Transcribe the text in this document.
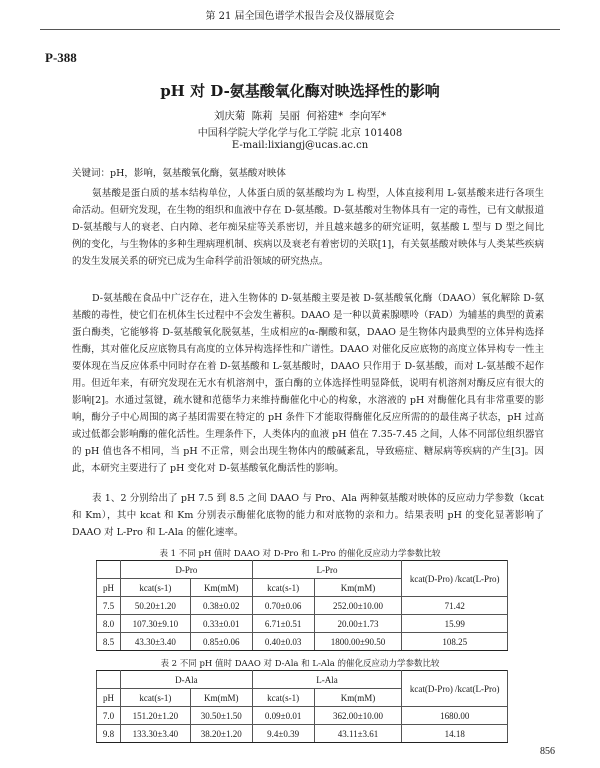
第 21 届全国色谱学术报告会及仪器展览会
P-388
pH 对 D-氨基酸氧化酶对映选择性的影响
刘庆菊 陈莉 吴丽 何裕建* 李向军*
中国科学院大学化学与化工学院 北京 101408
E-mail:lixiangj@ucas.ac.cn
关键词：pH，影响，氨基酸氧化酶，氨基酸对映体

氨基酸是蛋白质的基本结构单位，人体蛋白质的氨基酸均为 L 构型，人体直接利用 L-氨基酸来进行各项生命活动。但研究发现，在生物的组织和血液中存在 D-氨基酸。D-氨基酸对生物体具有一定的毒性，已有文献报道 D-氨基酸与人的衰老、白内障、老年痴呆症等关系密切，并且越来越多的研究证明，氨基酸 L 型与 D 型之间比例的变化，与生物体的多种生理病理机制、疾病以及衰老有着密切的关联[1]，有关氨基酸对映体与人类某些疾病的发生发展关系的研究已成为生命科学前沿领域的研究热点。

D-氨基酸在食品中广泛存在，进入生物体的 D-氨基酸主要是被 D-氨基酸氧化酶（DAAO）氧化解除 D-氨基酸的毒性，使它们在机体生长过程中不会发生蓄积。DAAO 是一种以黄素腺嘌呤（FAD）为辅基的典型的黄素蛋白酶类，它能够将 D-氨基酸氧化脱氨基，生成相应的α-酮酸和氨，DAAO 是生物体内最典型的立体异构选择性酶，其对催化反应底物具有高度的立体异构选择性和广谱性。DAAO 对催化反应底物的高度立体异构专一性主要体现在当反应体系中同时存在着 D-氨基酸和 L-氨基酸时，DAAO 只作用于 D-氨基酸，而对 L-氨基酸不起作用。但近年来，有研究发现在无水有机溶剂中，蛋白酶的立体选择性明显降低，说明有机溶剂对酶反应有很大的影响[2]。水通过氢键，疏水键和范德华力来维持酶催化中心的构象，水溶液的 pH 对酶催化具有非常重要的影响，酶分子中心周围的离子基团需要在特定的 pH 条件下才能取得酶催化反应所需的的最佳离子状态，pH 过高或过低都会影响酶的催化活性。生理条件下，人类体内的血液 pH 值在 7.35-7.45 之间，人体不同部位组织器官的 pH 值也各不相同，当 pH 不正常，则会出现生物体内的酸碱紊乱，导致癌症、糖尿病等疾病的产生[3]。因此，本研究主要进行了 pH 变化对 D-氨基酸氧化酶活性的影响。

表 1、2 分别给出了 pH 7.5 到 8.5 之间 DAAO 与 Pro、Ala 两种氨基酸对映体的反应动力学参数（kcat 和 Km），其中 kcat 和 Km 分别表示酶催化底物的能力和对底物的亲和力。结果表明 pH 的变化显著影响了 DAAO 对 L-Pro 和 L-Ala 的催化速率。

表 1 不同 pH 值时 DAAO 对 D-Pro 和 L-Pro 的催化反应动力学参数比较
	D-Pro		L-Pro		kcat(D-Pro) /kcat(L-Pro)
pH	kcat(s-1)	Km(mM)	kcat(s-1)	Km(mM)	
7.5	50.20±1.20	0.38±0.02	0.70±0.06	252.00±10.00	71.42
8.0	107.30±9.10	0.33±0.01	6.71±0.51	20.00±1.73	15.99
8.5	43.30±3.40	0.85±0.06	0.40±0.03	1800.00±90.50	108.25
表 2 不同 pH 值时 DAAO 对 D-Ala 和 L-Ala 的催化反应动力学参数比较
	D-Ala		L-Ala		kcat(D-Pro) /kcat(L-Pro)
pH	kcat(s-1)	Km(mM)	kcat(s-1)	Km(mM)	
7.0	151.20±1.20	30.50±1.50	0.09±0.01	362.00±10.00	1680.00
9.8	133.30±3.40	38.20±1.20	9.4±0.39	43.11±3.61	14.18
856
